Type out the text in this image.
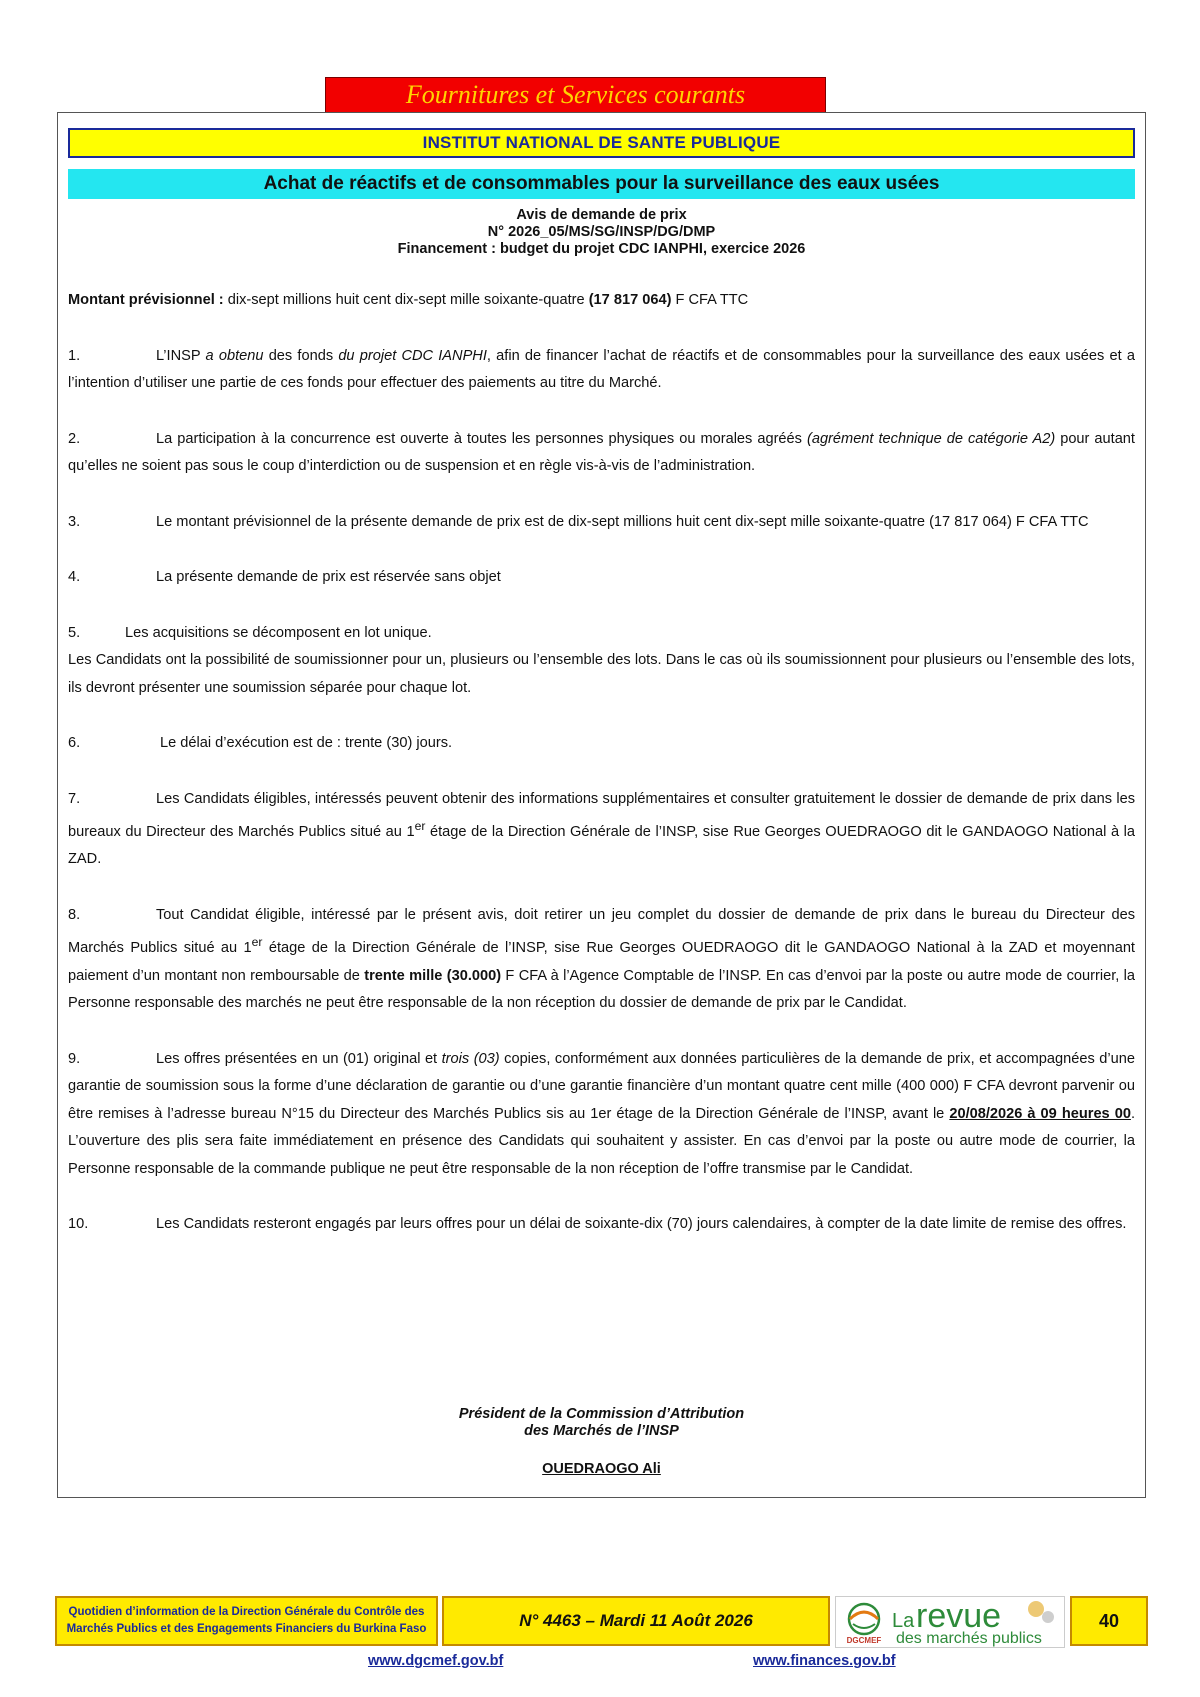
Fournitures et Services courants
INSTITUT NATIONAL DE SANTE PUBLIQUE
Achat de réactifs et de consommables pour la surveillance des eaux usées
Avis de demande de prix
N° 2026_05/MS/SG/INSP/DG/DMP
Financement : budget du projet CDC IANPHI, exercice 2026

Montant prévisionnel : dix-sept millions huit cent dix-sept mille soixante-quatre (17 817 064) F CFA TTC

1.	L’INSP a obtenu des fonds du projet CDC IANPHI, afin de financer l’achat de réactifs et de consommables pour la surveillance des eaux usées et a l’intention d’utiliser une partie de ces fonds pour effectuer des paiements au titre du Marché.

2.	La participation à la concurrence est ouverte à toutes les personnes physiques ou morales agréés (agrément technique de catégorie A2) pour autant qu’elles ne soient pas sous le coup d’interdiction ou de suspension et en règle vis-à-vis de l’administration.

3.	Le montant prévisionnel de la présente demande de prix est de dix-sept millions huit cent dix-sept mille soixante-quatre (17 817 064) F CFA TTC

4.	La présente demande de prix est réservée sans objet

5.	Les acquisitions se décomposent en lot unique.

Les Candidats ont la possibilité de soumissionner pour un, plusieurs ou l’ensemble des lots. Dans le cas où ils soumissionnent pour plusieurs ou l’ensemble des lots, ils devront présenter une soumission séparée pour chaque lot.

6.	Le délai d’exécution est de : trente (30) jours.

7.	Les Candidats éligibles, intéressés peuvent obtenir des informations supplémentaires et consulter gratuitement le dossier de demande de prix dans les bureaux du Directeur des Marchés Publics situé au 1er étage de la Direction Générale de l’INSP, sise Rue Georges OUEDRAOGO dit le GANDAOGO National à la ZAD.

8.	Tout Candidat éligible, intéressé par le présent avis, doit retirer un jeu complet du dossier de demande de prix dans le bureau du Directeur des Marchés Publics situé au 1er étage de la Direction Générale de l’INSP, sise Rue Georges OUEDRAOGO dit le GANDAOGO National à la ZAD et moyennant paiement d’un montant non remboursable de trente mille (30.000) F CFA à l’Agence Comptable de l’INSP. En cas d’envoi par la poste ou autre mode de courrier, la Personne responsable des marchés ne peut être responsable de la non réception du dossier de demande de prix par le Candidat.

9.	Les offres présentées en un (01) original et trois (03) copies, conformément aux données particulières de la demande de prix, et accompagnées d’une garantie de soumission sous la forme d’une déclaration de garantie ou d’une garantie financière d’un montant quatre cent mille (400 000) F CFA devront parvenir ou être remises à l’adresse bureau N°15 du Directeur des Marchés Publics sis au 1er étage de la Direction Générale de l’INSP, avant le 20/08/2026 à 09 heures 00. L’ouverture des plis sera faite immédiatement en présence des Candidats qui souhaitent y assister. En cas d’envoi par la poste ou autre mode de courrier, la Personne responsable de la commande publique ne peut être responsable de la non réception de l’offre transmise par le Candidat.

10.	Les Candidats resteront engagés par leurs offres pour un délai de soixante-dix (70) jours calendaires, à compter de la date limite de remise des offres.

Président de la Commission d’Attribution
des Marchés de l’INSP
OUEDRAOGO Ali
Quotidien d’information de la Direction Générale du Contrôle des
Marchés Publics et des Engagements Financiers du Burkina Faso	N° 4463 – Mardi 11 Août 2026
DGCMEF
La revue
des marchés publics
40
www.dgcmef.gov.bf	www.finances.gov.bf
